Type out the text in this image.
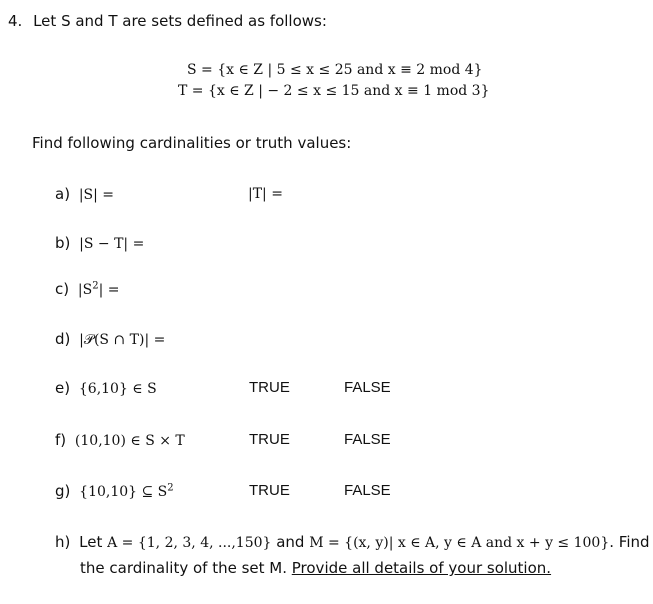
4. Let S and T are sets defined as follows:
S = {x ∈ Z | 5 ≤ x ≤ 25 and x ≡ 2 mod 4}
T = {x ∈ Z | − 2 ≤ x ≤ 15 and x ≡ 1 mod 3}
Find following cardinalities or truth values:
a) |S| =	|T| =
b) |S − T| =
c) $|S^2|$ =
d) |𝒫(S ∩ T)| =
e) {6,10} ∈ S	TRUE	FALSE
f) (10,10) ∈ S × T	TRUE	FALSE
g) {10,10} ⊆ $S^2$	TRUE	FALSE
h) Let A = {1, 2, 3, 4, ...,150} and M = {(x, y)| x ∈ A, y ∈ A and x + y ≤ 100}. Find
the cardinality of the set M. Provide all details of your solution.
